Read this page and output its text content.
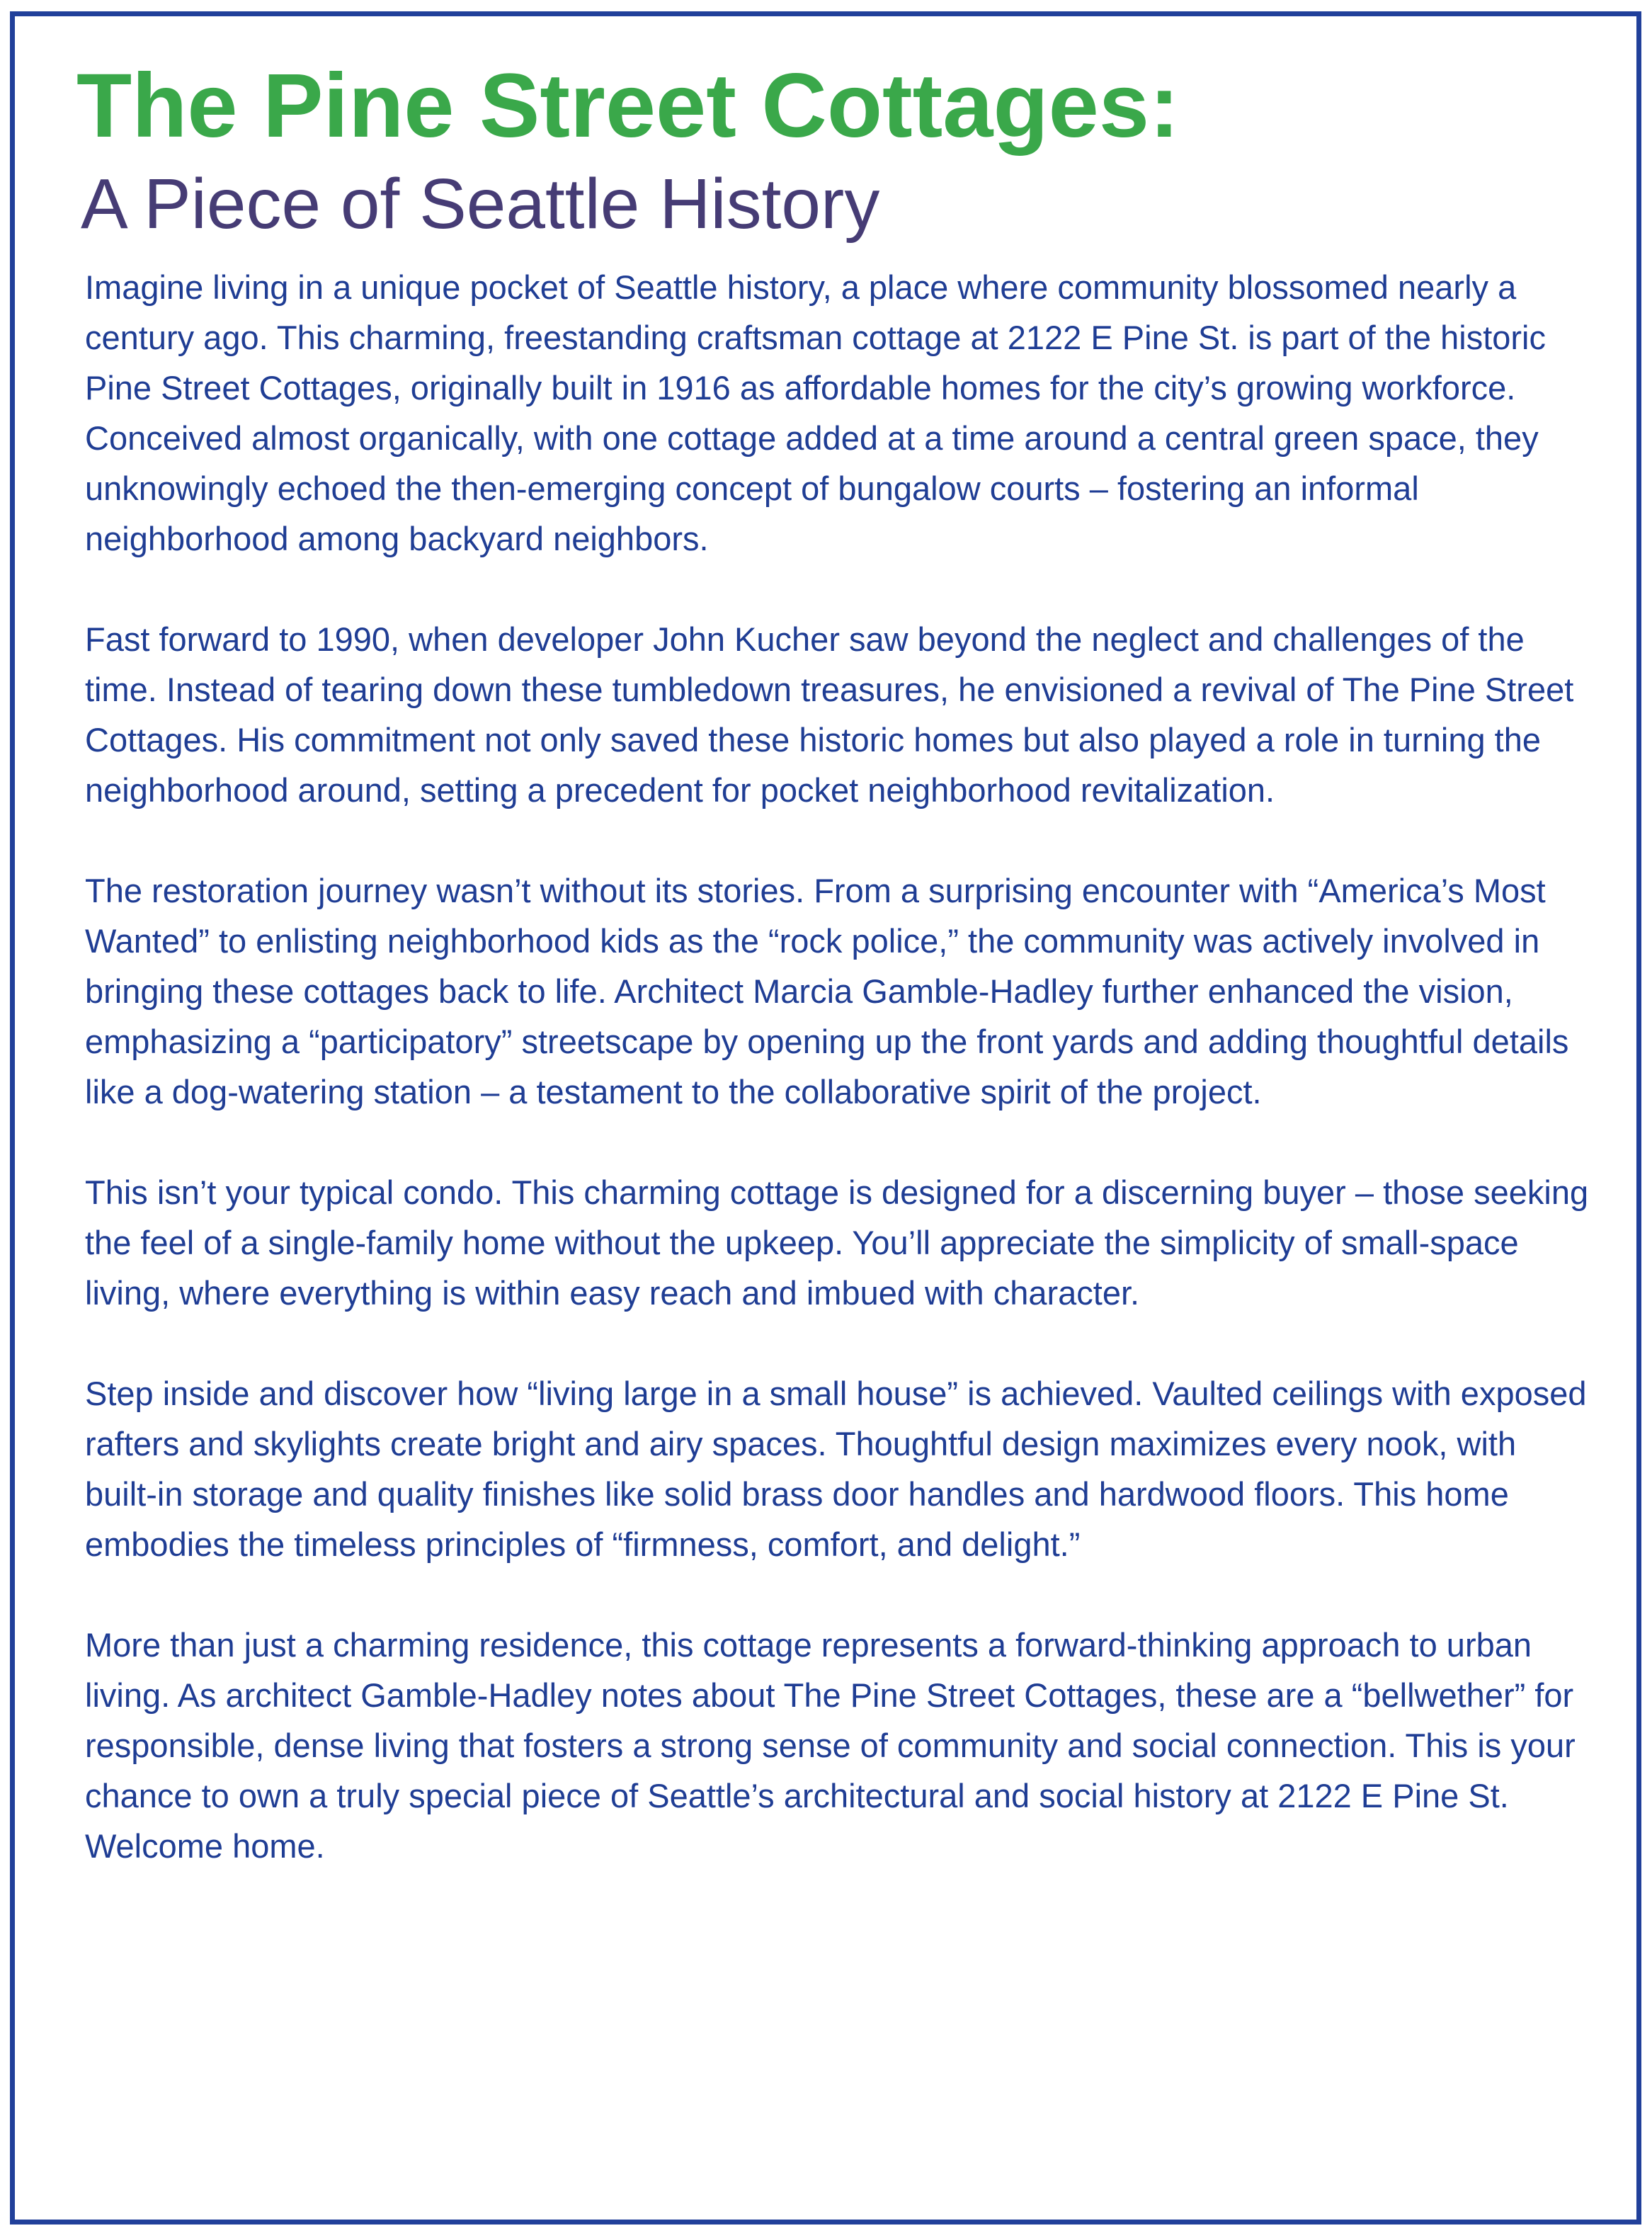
The Pine Street Cottages:
A Piece of Seattle History

Imagine living in a unique pocket of Seattle history, a place where community blossomed nearly a century ago. This charming, freestanding craftsman cottage at 2122 E Pine St. is part of the historic Pine Street Cottages, originally built in 1916 as affordable homes for the city’s growing workforce. Conceived almost organically, with one cottage added at a time around a central green space, they unknowingly echoed the then-emerging concept of bungalow courts – fostering an informal neighborhood among backyard neighbors.

Fast forward to 1990, when developer John Kucher saw beyond the neglect and challenges of the time. Instead of tearing down these tumbledown treasures, he envisioned a revival of The Pine Street Cottages. His commitment not only saved these historic homes but also played a role in turning the neighborhood around, setting a precedent for pocket neighborhood revitalization.

The restoration journey wasn’t without its stories. From a surprising encounter with “America’s Most Wanted” to enlisting neighborhood kids as the “rock police,” the community was actively involved in bringing these cottages back to life. Architect Marcia Gamble-Hadley further enhanced the vision, emphasizing a “participatory” streetscape by opening up the front yards and adding thoughtful details like a dog-watering station – a testament to the collaborative spirit of the project.

This isn’t your typical condo. This charming cottage is designed for a discerning buyer – those seeking the feel of a single-family home without the upkeep. You’ll appreciate the simplicity of small-space living, where everything is within easy reach and imbued with character.

Step inside and discover how “living large in a small house” is achieved. Vaulted ceilings with exposed rafters and skylights create bright and airy spaces. Thoughtful design maximizes every nook, with built-in storage and quality finishes like solid brass door handles and hardwood floors. This home embodies the timeless principles of “firmness, comfort, and delight.”

More than just a charming residence, this cottage represents a forward-thinking approach to urban living. As architect Gamble-Hadley notes about The Pine Street Cottages, these are a “bellwether” for responsible, dense living that fosters a strong sense of community and social connection. This is your chance to own a truly special piece of Seattle’s architectural and social history at 2122 E Pine St. Welcome home.
